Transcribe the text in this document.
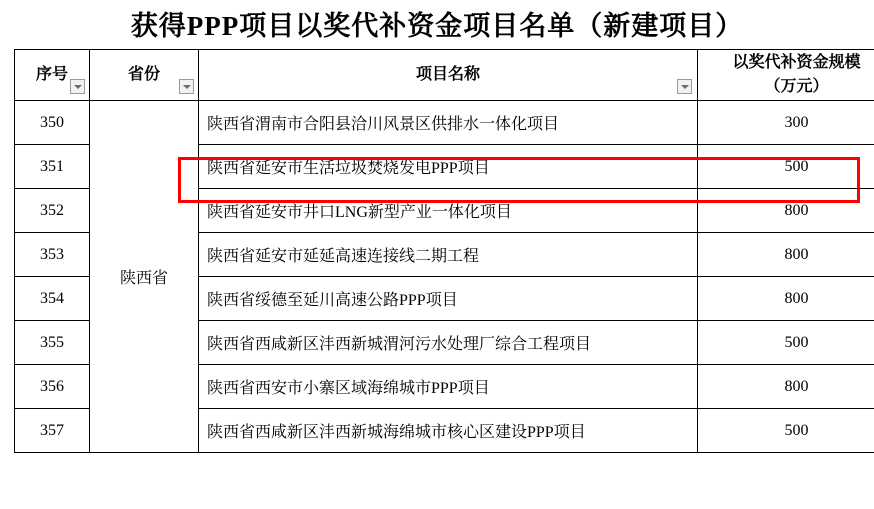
获得PPP项目以奖代补资金项目名单（新建项目）
序号	省份	项目名称	以奖代补资金规模
（万元）

350	陕西省	陕西省渭南市合阳县洽川风景区供排水一体化项目	300
351		陕西省延安市生活垃圾焚烧发电PPP项目	500
352		陕西省延安市井口LNG新型产业一体化项目	800
353		陕西省延安市延延高速连接线二期工程	800
354		陕西省绥德至延川高速公路PPP项目	800
355		陕西省西咸新区沣西新城渭河污水处理厂综合工程项目	500
356		陕西省西安市小寨区域海绵城市PPP项目	800
357		陕西省西咸新区沣西新城海绵城市核心区建设PPP项目	500
